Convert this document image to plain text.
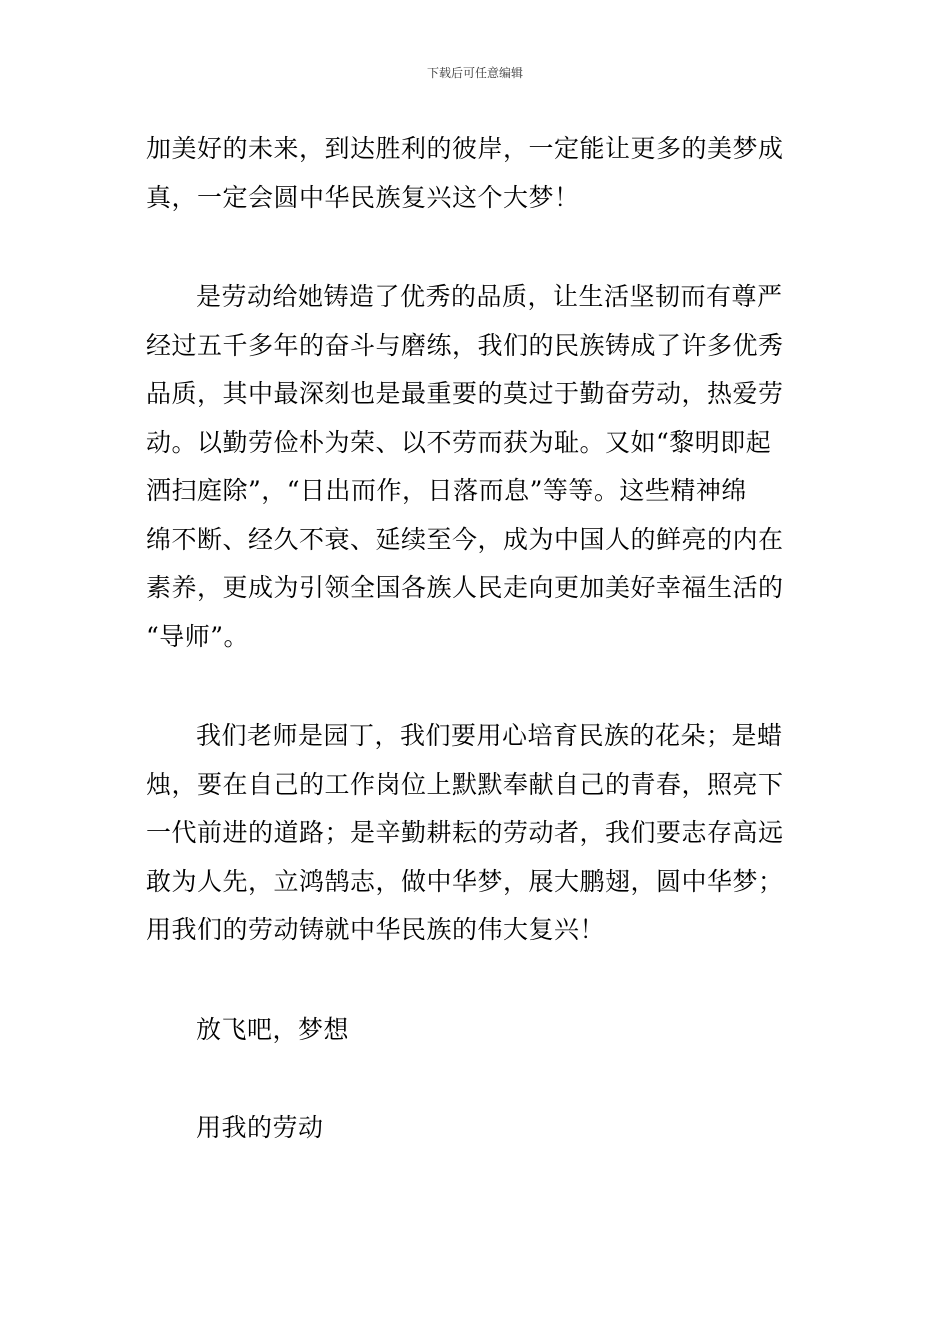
下载后可任意编辑
加美好的未来，到达胜利的彼岸，一定能让更多的美梦成
真，一定会圆中华民族复兴这个大梦！
是劳动给她铸造了优秀的品质，让生活坚韧而有尊严
经过五千多年的奋斗与磨练，我们的民族铸成了许多优秀
品质，其中最深刻也是最重要的莫过于勤奋劳动，热爱劳
动。以勤劳俭朴为荣、以不劳而获为耻。又如“黎明即起
洒扫庭除”，“日出而作，日落而息”等等。这些精神绵
绵不断、经久不衰、延续至今，成为中国人的鲜亮的内在
素养，更成为引领全国各族人民走向更加美好幸福生活的
“导师”。
我们老师是园丁，我们要用心培育民族的花朵；是蜡
烛，要在自己的工作岗位上默默奉献自己的青春，照亮下
一代前进的道路；是辛勤耕耘的劳动者，我们要志存高远
敢为人先，立鸿鹄志，做中华梦，展大鹏翅，圆中华梦；
用我们的劳动铸就中华民族的伟大复兴！
放飞吧，梦想
用我的劳动
